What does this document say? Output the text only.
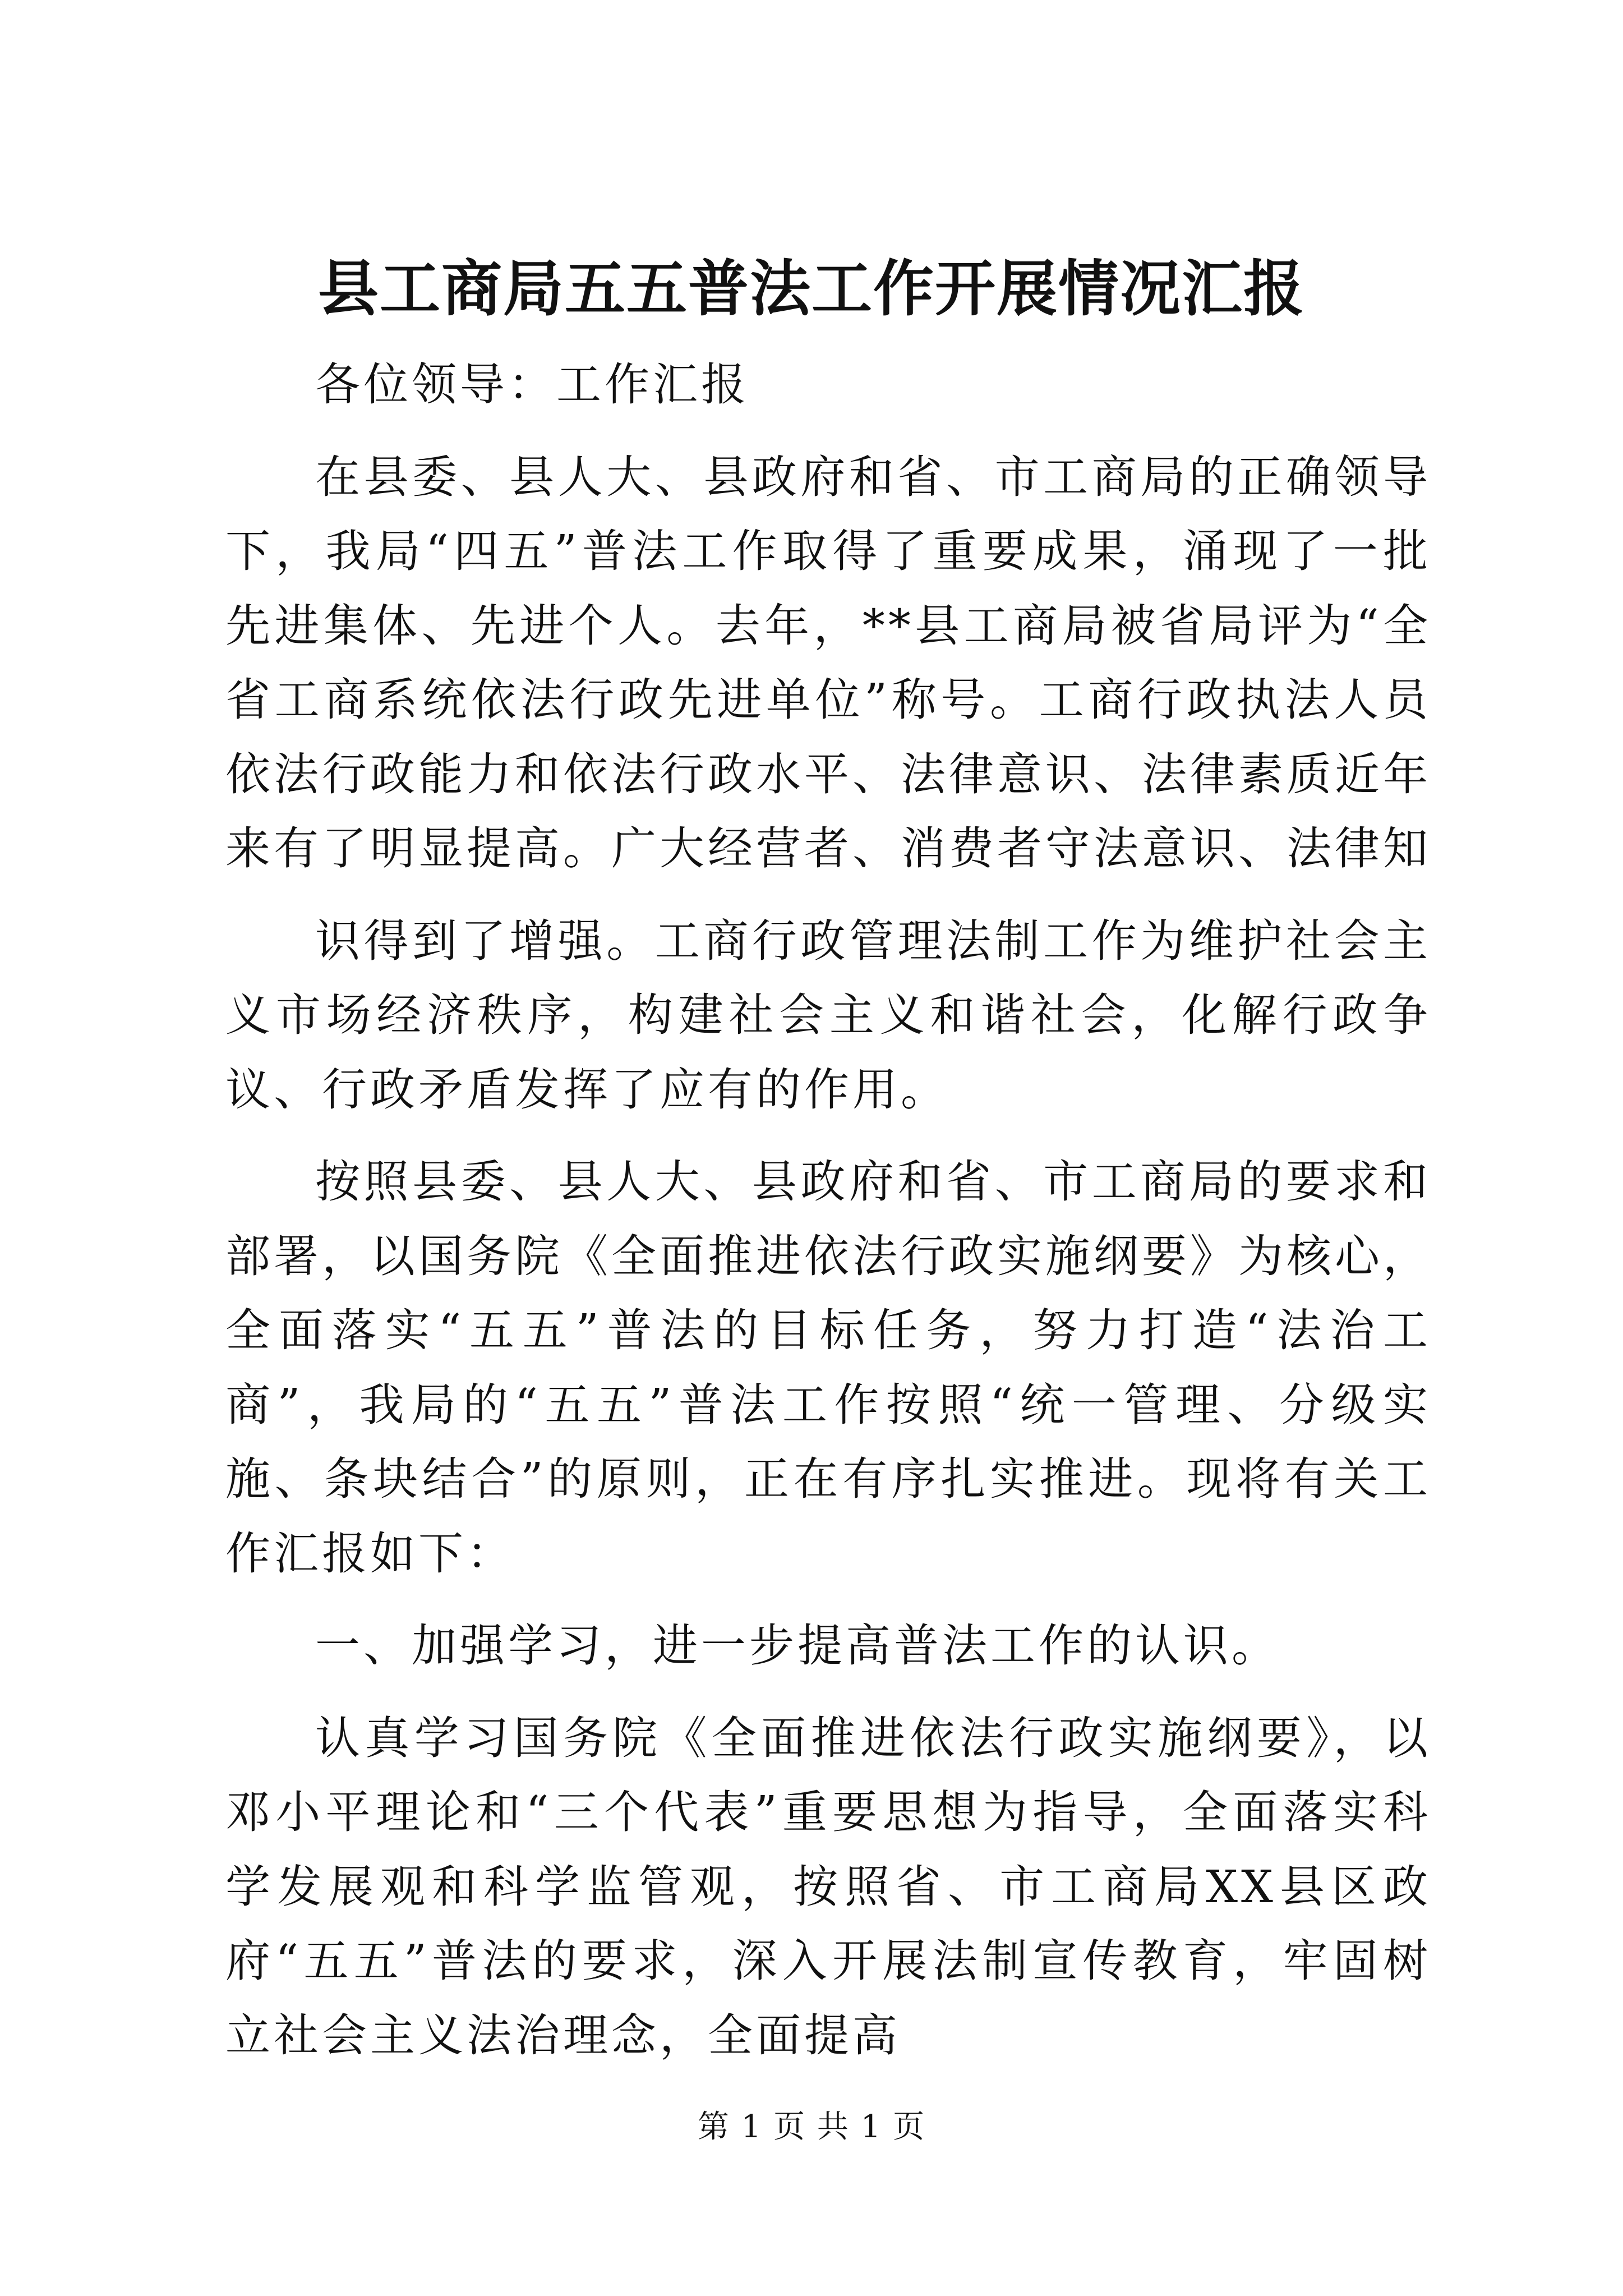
县工商局五五普法工作开展情况汇报

各位领导：工作汇报

在县委、县人大、县政府和省、市工商局的正确领导下，我局“四五”普法工作取得了重要成果，涌现了一批先进集体、先进个人。去年，**县工商局被省局评为“全省工商系统依法行政先进单位”称号。工商行政执法人员依法行政能力和依法行政水平、法律意识、法律素质近年来有了明显提高。广大经营者、消费者守法意识、法律知

识得到了增强。工商行政管理法制工作为维护社会主义市场经济秩序，构建社会主义和谐社会，化解行政争议、行政矛盾发挥了应有的作用。

按照县委、县人大、县政府和省、市工商局的要求和部署，以国务院《全面推进依法行政实施纲要》为核心，全面落实“五五”普法的目标任务，努力打造“法治工商”，我局的“五五”普法工作按照“统一管理、分级实施、条块结合”的原则，正在有序扎实推进。现将有关工作汇报如下：

一、加强学习，进一步提高普法工作的认识。

认真学习国务院《全面推进依法行政实施纲要》，以邓小平理论和“三个代表”重要思想为指导，全面落实科学发展观和科学监管观，按照省、市工商局XX县区政府“五五”普法的要求，深入开展法制宣传教育，牢固树立社会主义法治理念，全面提高

第 1 页 共 1 页
